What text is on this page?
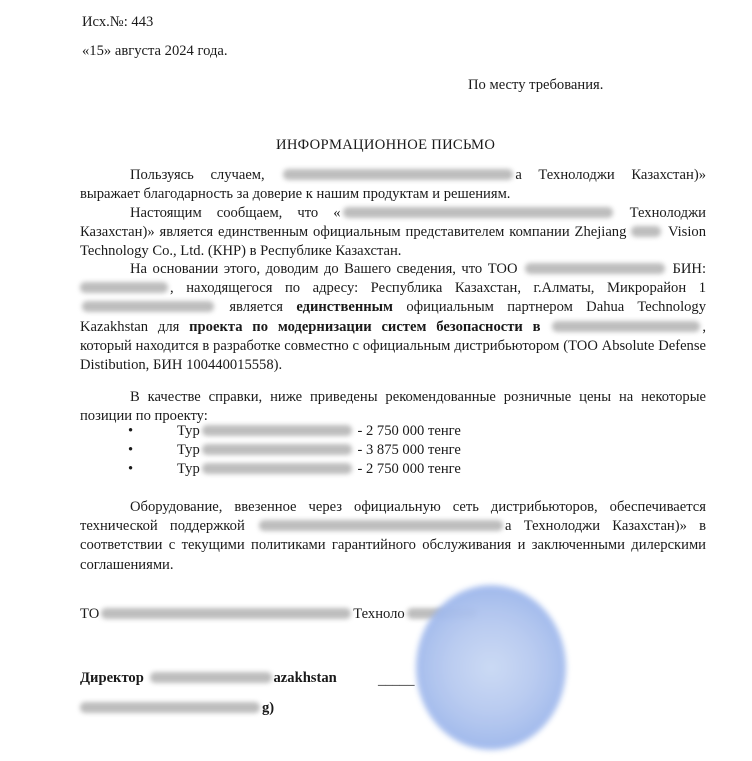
Исх.№: 443
«15» августа 2024 года.
По месту требования.
ИНФОРМАЦИОННОЕ ПИСЬМО
Пользуясь случаем,	а Технолоджи Казахстан)» выражает благодарность за доверие к нашим продуктам и решениям.
Настоящим сообщаем, что «	Технолоджи Казахстан)» является единственным официальным представителем компании Zhejiang	Vision Technology Co., Ltd. (КНР) в Республике Казахстан.
На основании этого, доводим до Вашего сведения, что ТОО	БИН: , находящегося по адресу: Республика Казахстан, г.Алматы, Микрорайон 1 является единственным официальным партнером Dahua Technology Kazakhstan для проекта по модернизации систем безопасности в	, который находится в разработке совместно с официальным дистрибьютором (ТОО Absolute Defense Distibution, БИН 100440015558).
В качестве справки, ниже приведены рекомендованные розничные цены на некоторые позиции по проекту:
•	Тур	- 2 750 000 тенге
•	Тур	- 3 875 000 тенге
•	Тур	- 2 750 000 тенге
Оборудование, ввезенное через официальную сеть дистрибьюторов, обеспечивается технической поддержкой	а Технолоджи Казахстан)» в соответствии с текущими политиками гарантийного обслуживания и заключенными дилерскими соглашениями.
ТО	Техноло
Директор	azakhstan	_____
g)
